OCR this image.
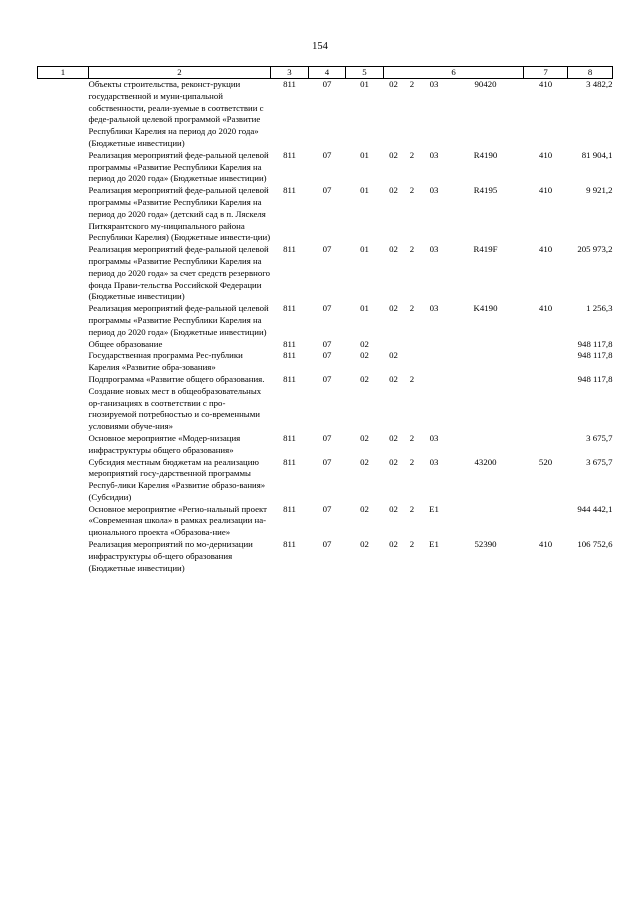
154
1	2	3	4	5	6				7	8
	Объекты строительства, реконст-рукции государственной и муни-ципальной собственности, реали-зуемые в соответствии с феде-ральной целевой программой «Развитие Республики Карелия на период до 2020 года» (Бюджетные инвестиции)	811	07	01	02	2	03	90420	410	3 482,2
	Реализация мероприятий феде-ральной целевой программы «Развитие Республики Карелия на период до 2020 года» (Бюджетные инвестиции)	811	07	01	02	2	03	R4190	410	81 904,1
	Реализация мероприятий феде-ральной целевой программы «Развитие Республики Карелия на период до 2020 года» (детский сад в п. Ляскеля Питкярантского му-ниципального района Республики Карелия) (Бюджетные инвести-ции)	811	07	01	02	2	03	R4195	410	9 921,2
	Реализация мероприятий феде-ральной целевой программы «Развитие Республики Карелия на период до 2020 года» за счет средств резервного фонда Прави-тельства Российской Федерации (Бюджетные инвестиции)	811	07	01	02	2	03	R419F	410	205 973,2
	Реализация мероприятий феде-ральной целевой программы «Развитие Республики Карелия на период до 2020 года» (Бюджетные инвестиции)	811	07	01	02	2	03	K4190	410	1 256,3
	Общее образование	811	07	02						948 117,8
	Государственная программа Рес-публики Карелия «Развитие обра-зования»	811	07	02	02					948 117,8
	Подпрограмма «Развитие общего образования. Создание новых мест в общеобразовательных ор-ганизациях в соответствии с про-гнозируемой потребностью и со-временными условиями обуче-ния»	811	07	02	02	2				948 117,8
	Основное мероприятие «Модер-низация инфраструктуры общего образования»	811	07	02	02	2	03			3 675,7
	Субсидия местным бюджетам на реализацию мероприятий госу-дарственной программы Респуб-лики Карелия «Развитие образо-вания» (Субсидии)	811	07	02	02	2	03	43200	520	3 675,7
	Основное мероприятие «Регио-нальный проект «Современная школа» в рамках реализации на-ционального проекта «Образова-ние»	811	07	02	02	2	E1			944 442,1
	Реализация мероприятий по мо-дернизации инфраструктуры об-щего образования (Бюджетные инвестиции)	811	07	02	02	2	E1	52390	410	106 752,6
